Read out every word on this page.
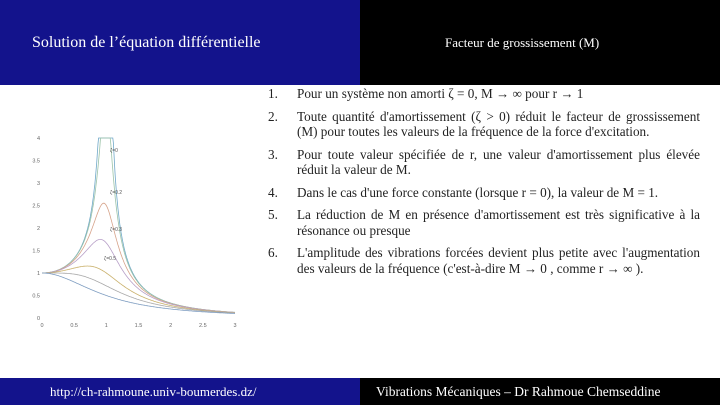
Solution de l’équation différentielle	Facteur de grossissement (M)
4
3.5
3
2.5
2
1.5
1
0.5
0
0	0.5	1	1.5	2	2.5	3
ζ=0
ζ=0.2
ζ=0.3
ζ=0.5
1.	Pour un système non amorti ζ = 0, M → ∞ pour r → 1
2.	Toute quantité d'amortissement (ζ > 0) réduit le facteur de grossissement (M) pour toutes les valeurs de la fréquence de la force d'excitation.
3.	Pour toute valeur spécifiée de r, une valeur d'amortissement plus élevée réduit la valeur de M.
4.	Dans le cas d'une force constante (lorsque r = 0), la valeur de M = 1.
5.	La réduction de M en présence d'amortissement est très significative à la résonance ou presque
6.	L'amplitude des vibrations forcées devient plus petite avec l'augmentation des valeurs de la fréquence (c'est-à-dire M → 0 , comme r → ∞ ).
http://ch-rahmoune.univ-boumerdes.dz/	Vibrations Mécaniques – Dr Rahmoue Chemseddine
